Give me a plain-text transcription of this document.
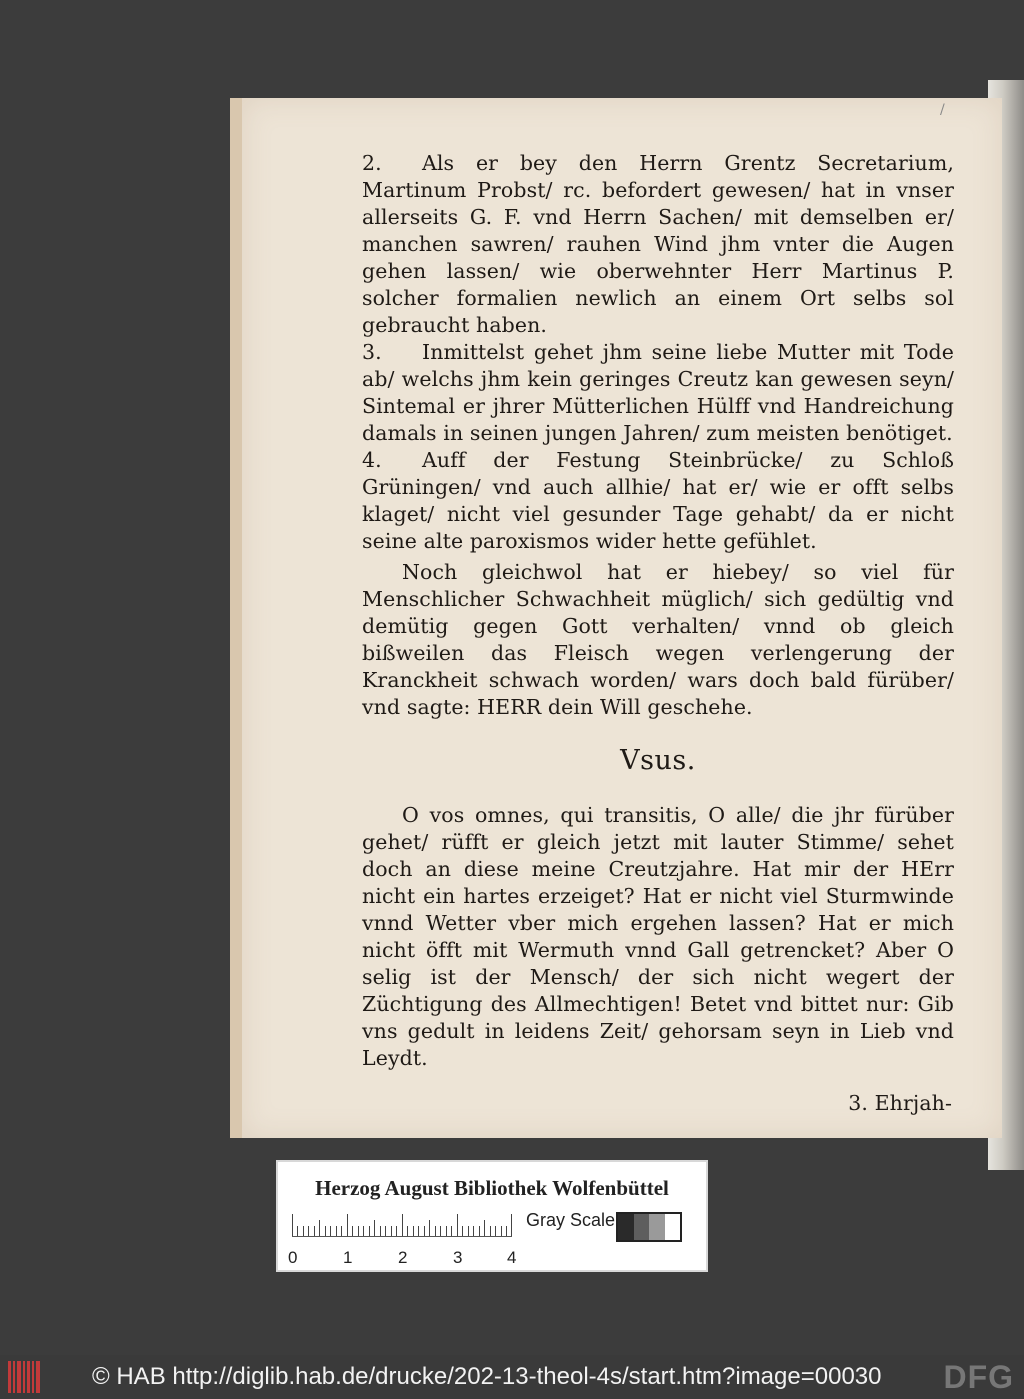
/

2. Als er bey den Herrn Grentz Secretarium, Martinum Probst/ rc. befordert gewesen/ hat in vnser allerseits G. F. vnd Herrn Sachen/ mit demselben er/ manchen sawren/ rauhen Wind jhm vnter die Augen gehen lassen/ wie oberwehnter Herr Martinus P. solcher formalien newlich an einem Ort selbs sol gebraucht haben.

3. Inmittelst gehet jhm seine liebe Mutter mit Tode ab/ welchs jhm kein geringes Creutz kan gewesen seyn/ Sintemal er jhrer Mütterlichen Hülff vnd Handreichung damals in seinen jungen Jahren/ zum meisten benötiget.

4. Auff der Festung Steinbrücke/ zu Schloß Grüningen/ vnd auch allhie/ hat er/ wie er offt selbs klaget/ nicht viel gesunder Tage gehabt/ da er nicht seine alte paroxismos wider hette gefühlet.

Noch gleichwol hat er hiebey/ so viel für Menschlicher Schwachheit müglich/ sich gedültig vnd demütig gegen Gott verhalten/ vnnd ob gleich bißweilen das Fleisch wegen verlengerung der Kranckheit schwach worden/ wars doch bald fürüber/ vnd sagte: HERR dein Will geschehe.

Vsus.

O vos omnes, qui transitis, O alle/ die jhr fürüber gehet/ rüfft er gleich jetzt mit lauter Stimme/ sehet doch an diese meine Creutzjahre. Hat mir der HErr nicht ein hartes erzeiget? Hat er nicht viel Sturmwinde vnnd Wetter vber mich ergehen lassen? Hat er mich nicht öfft mit Wermuth vnnd Gall getrencket? Aber O selig ist der Mensch/ der sich nicht wegert der Züchtigung des Allmechtigen! Betet vnd bittet nur: Gib vns gedult in leidens Zeit/ gehorsam seyn in Lieb vnd Leydt.

3. Ehrjah-
Herzog August Bibliothek Wolfenbüttel
0	1	2	3	4
Gray Scale
© HAB http://diglib.hab.de/drucke/202-13-theol-4s/start.htm?image=00030 DFG
